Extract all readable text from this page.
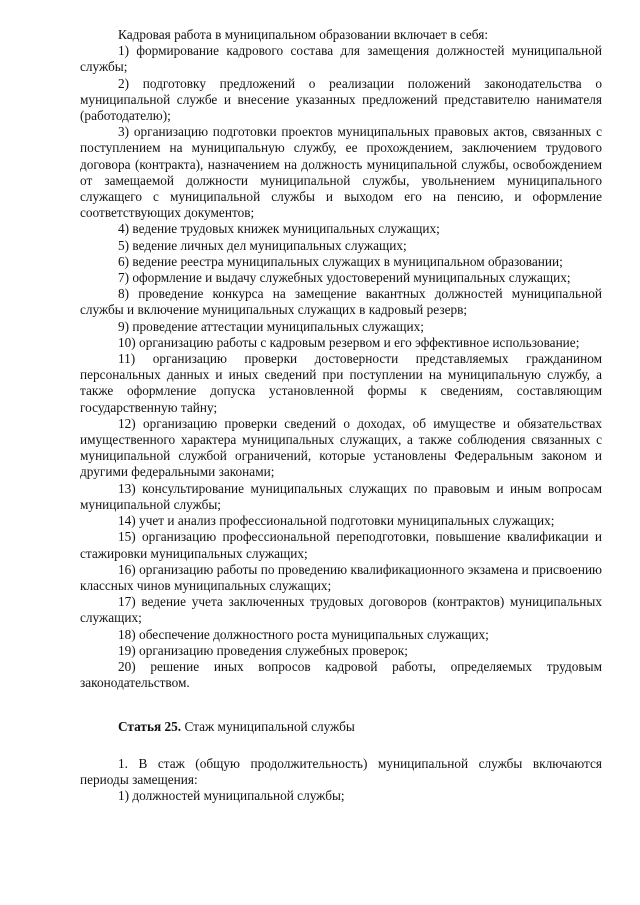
Кадровая работа в муниципальном образовании включает в себя:

1) формирование кадрового состава для замещения должностей муниципальной службы;

2) подготовку предложений о реализации положений законодательства о муниципальной службе и внесение указанных предложений представителю нанимателя (работодателю);

3) организацию подготовки проектов муниципальных правовых актов, связанных с поступлением на муниципальную службу, ее прохождением, заключением трудового договора (контракта), назначением на должность муниципальной службы, освобождением от замещаемой должности муниципальной службы, увольнением муниципального служащего с муниципальной службы и выходом его на пенсию, и оформление соответствующих документов;

4) ведение трудовых книжек муниципальных служащих;

5) ведение личных дел муниципальных служащих;

6) ведение реестра муниципальных служащих в муниципальном образовании;

7) оформление и выдачу служебных удостоверений муниципальных служащих;

8) проведение конкурса на замещение вакантных должностей муниципальной службы и включение муниципальных служащих в кадровый резерв;

9) проведение аттестации муниципальных служащих;

10) организацию работы с кадровым резервом и его эффективное использование;

11) организацию проверки достоверности представляемых гражданином персональных данных и иных сведений при поступлении на муниципальную службу, а также оформление допуска установленной формы к сведениям, составляющим государственную тайну;

12) организацию проверки сведений о доходах, об имуществе и обязательствах имущественного характера муниципальных служащих, а также соблюдения связанных с муниципальной службой ограничений, которые установлены Федеральным законом и другими федеральными законами;

13) консультирование муниципальных служащих по правовым и иным вопросам муниципальной службы;

14) учет и анализ профессиональной подготовки муниципальных служащих;

15) организацию профессиональной переподготовки, повышение квалификации и стажировки муниципальных служащих;

16) организацию работы по проведению квалификационного экзамена и присвоению классных чинов муниципальных служащих;

17) ведение учета заключенных трудовых договоров (контрактов) муниципальных служащих;

18) обеспечение должностного роста муниципальных служащих;

19) организацию проведения служебных проверок;

20) решение иных вопросов кадровой работы, определяемых трудовым законодательством.

Статья 25. Стаж муниципальной службы

1. В стаж (общую продолжительность) муниципальной службы включаются периоды замещения:

1) должностей муниципальной службы;
